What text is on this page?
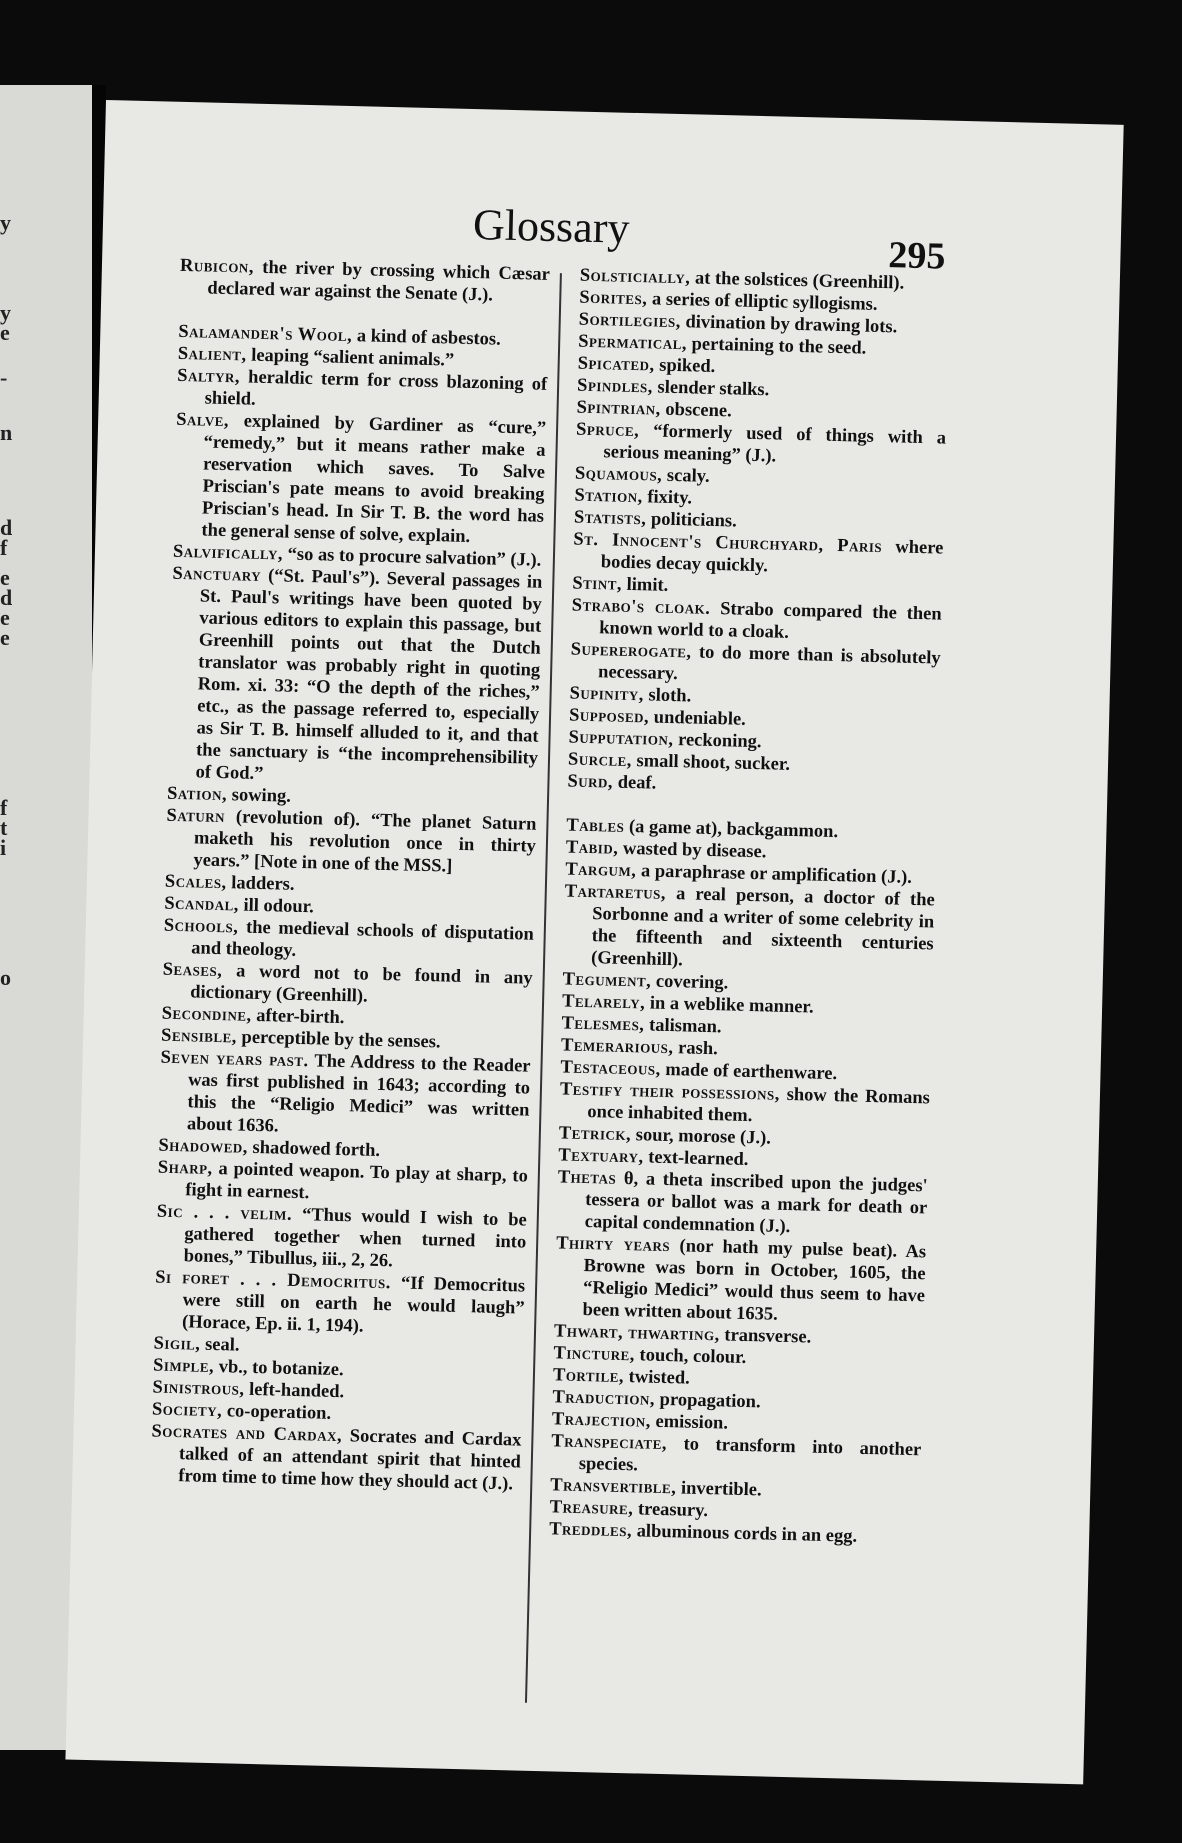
y
y
e
-
n
d
f
e
d
e
e
f
t
i
o
Glossary
295

Rubicon, the river by crossing which Cæsar declared war against the Senate (J.).

Salamander's Wool, a kind of asbestos.

Salient, leaping “salient animals.”

Saltyr, heraldic term for cross blazoning of shield.

Salve, explained by Gardiner as “cure,” “remedy,” but it means rather make a reservation which saves. To Salve Priscian's pate means to avoid breaking Priscian's head. In Sir T. B. the word has the general sense of solve, explain.

Salvifically, “so as to procure salvation” (J.).

Sanctuary (“St. Paul's”). Several passages in St. Paul's writings have been quoted by various editors to explain this passage, but Greenhill points out that the Dutch translator was probably right in quoting Rom. xi. 33: “O the depth of the riches,” etc., as the passage referred to, especially as Sir T. B. himself alluded to it, and that the sanctuary is “the incomprehensibility of God.”

Sation, sowing.

Saturn (revolution of). “The planet Saturn maketh his revolution once in thirty years.” [Note in one of the MSS.]

Scales, ladders.

Scandal, ill odour.

Schools, the medieval schools of disputation and theology.

Seases, a word not to be found in any dictionary (Greenhill).

Secondine, after-birth.

Sensible, perceptible by the senses.

Seven years past. The Address to the Reader was first published in 1643; according to this the “Religio Medici” was written about 1636.

Shadowed, shadowed forth.

Sharp, a pointed weapon. To play at sharp, to fight in earnest.

Sic . . . velim. “Thus would I wish to be gathered together when turned into bones,” Tibullus, iii., 2, 26.

Si foret . . . Democritus. “If Democritus were still on earth he would laugh” (Horace, Ep. ii. 1, 194).

Sigil, seal.

Simple, vb., to botanize.

Sinistrous, left-handed.

Society, co-operation.

Socrates and Cardax, Socrates and Cardax talked of an attendant spirit that hinted from time to time how they should act (J.).

Solsticially, at the solstices (Greenhill).

Sorites, a series of elliptic syllogisms.

Sortilegies, divination by drawing lots.

Spermatical, pertaining to the seed.

Spicated, spiked.

Spindles, slender stalks.

Spintrian, obscene.

Spruce, “formerly used of things with a serious meaning” (J.).

Squamous, scaly.

Station, fixity.

Statists, politicians.

St. Innocent's Churchyard, Paris where bodies decay quickly.

Stint, limit.

Strabo's cloak. Strabo compared the then known world to a cloak.

Supererogate, to do more than is absolutely necessary.

Supinity, sloth.

Supposed, undeniable.

Supputation, reckoning.

Surcle, small shoot, sucker.

Surd, deaf.

Tables (a game at), backgammon.

Tabid, wasted by disease.

Targum, a paraphrase or amplification (J.).

Tartaretus, a real person, a doctor of the Sorbonne and a writer of some celebrity in the fifteenth and sixteenth centuries (Greenhill).

Tegument, covering.

Telarely, in a weblike manner.

Telesmes, talisman.

Temerarious, rash.

Testaceous, made of earthenware.

Testify their possessions, show the Romans once inhabited them.

Tetrick, sour, morose (J.).

Textuary, text-learned.

Thetas θ, a theta inscribed upon the judges' tessera or ballot was a mark for death or capital condemnation (J.).

Thirty years (nor hath my pulse beat). As Browne was born in October, 1605, the “Religio Medici” would thus seem to have been written about 1635.

Thwart, thwarting, transverse.

Tincture, touch, colour.

Tortile, twisted.

Traduction, propagation.

Trajection, emission.

Transpeciate, to transform into another species.

Transvertible, invertible.

Treasure, treasury.

Treddles, albuminous cords in an egg.
